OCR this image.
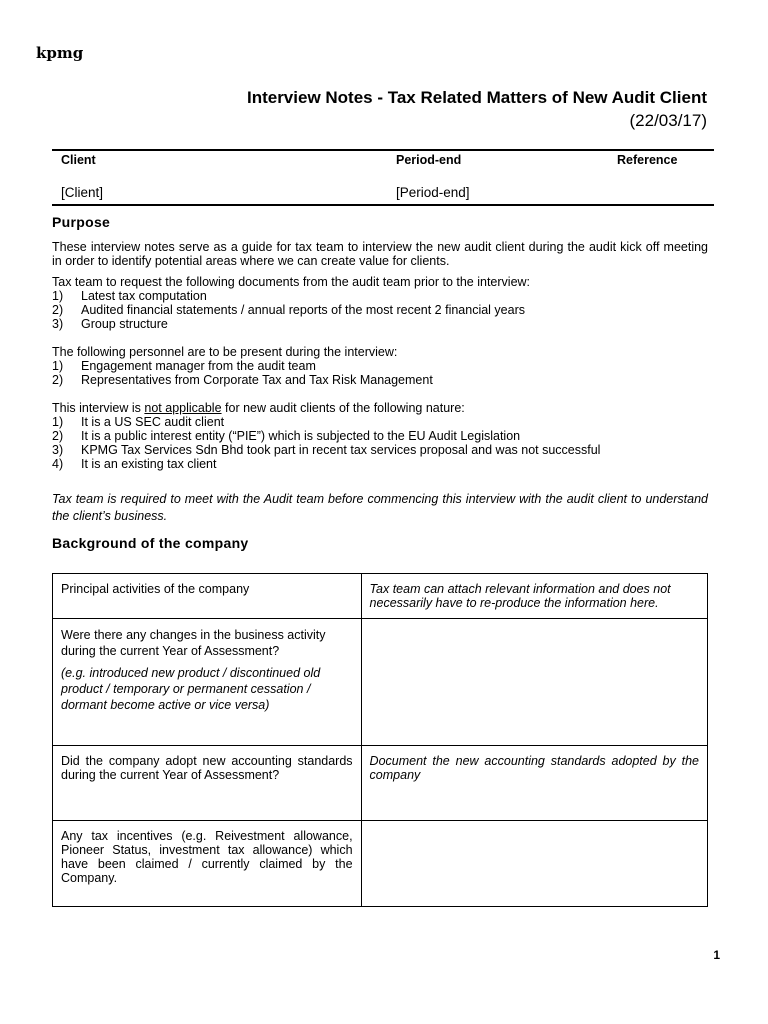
kpmg
Interview Notes - Tax Related Matters of New Audit Client
(22/03/17)
Client	Period-end	Reference
[Client]	[Period-end]
Purpose
These interview notes serve as a guide for tax team to interview the new audit client during the audit kick off meeting in order to identify potential areas where we can create value for clients.
Tax team to request the following documents from the audit team prior to the interview:
1) Latest tax computation
2) Audited financial statements / annual reports of the most recent 2 financial years
3) Group structure
The following personnel are to be present during the interview:
1) Engagement manager from the audit team
2) Representatives from Corporate Tax and Tax Risk Management
This interview is not applicable for new audit clients of the following nature:
1) It is a US SEC audit client
2) It is a public interest entity (“PIE”) which is subjected to the EU Audit Legislation
3) KPMG Tax Services Sdn Bhd took part in recent tax services proposal and was not successful
4) It is an existing tax client
Tax team is required to meet with the Audit team before commencing this interview with the audit client to understand the client’s business.
Background of the company
Principal activities of the company	Tax team can attach relevant information and does not necessarily have to re-produce the information here.

Were there any changes in the business activity during the current Year of Assessment?
(e.g. introduced new product / discontinued old product / temporary or permanent cessation / dormant become active or vice versa)	

Did the company adopt new accounting standards during the current Year of Assessment?	Document the new accounting standards adopted by the company

Any tax incentives (e.g. Reivestment allowance, Pioneer Status, investment tax allowance) which have been claimed / currently claimed by the Company.	

1
